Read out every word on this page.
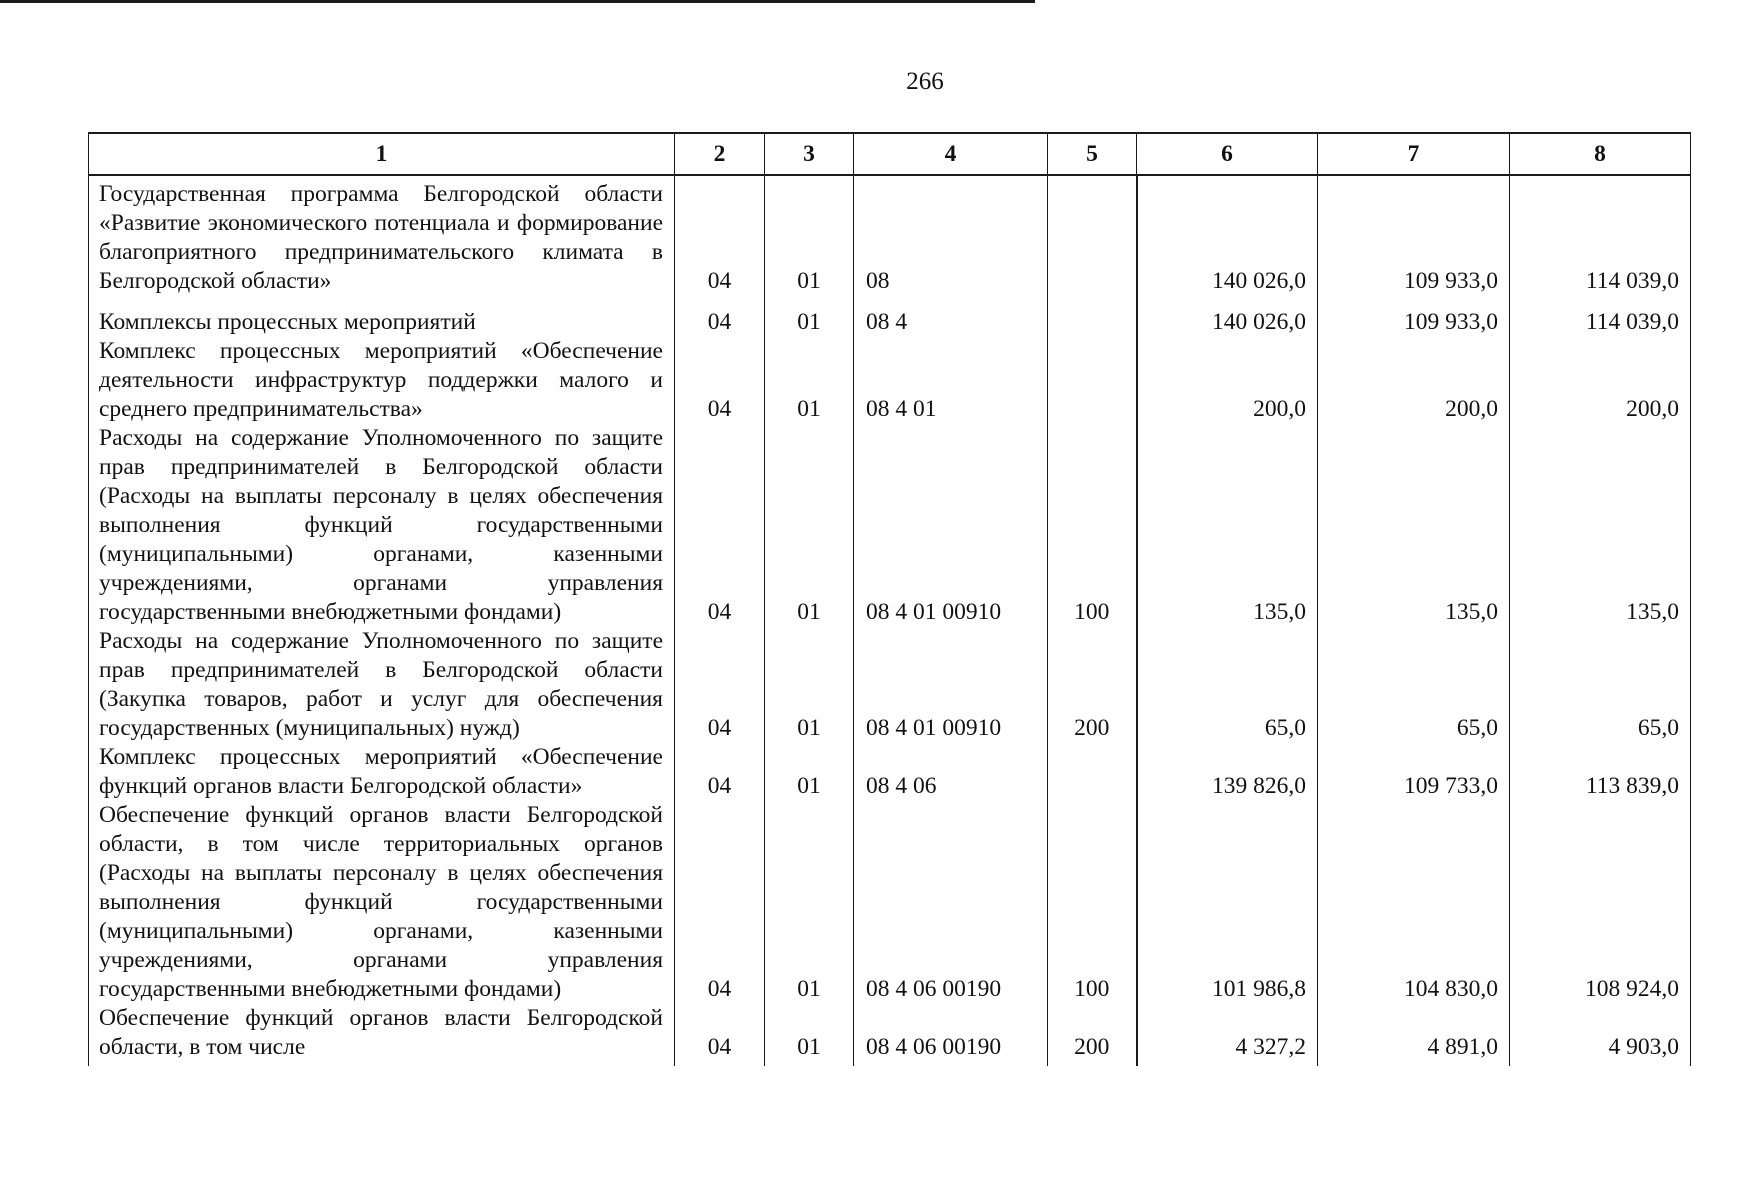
266
1	2	3	4	5	6	7	8
Государственная программа Белгородской области «Развитие экономического потенциала и формирование благоприятного предпринимательского климата в Белгородской области»	04	01	08		140 026,0	109 933,0	114 039,0
Комплексы процессных мероприятий	04	01	08 4		140 026,0	109 933,0	114 039,0
Комплекс процессных мероприятий «Обеспечение деятельности инфраструктур поддержки малого и среднего предпринимательства»	04	01	08 4 01		200,0	200,0	200,0
Расходы на содержание Уполномоченного по защите прав предпринимателей в Белгородской области (Расходы на выплаты персоналу в целях обеспечения выполнения функций государственными (муниципальными) органами, казенными учреждениями, органами управления государственными внебюджетными фондами)	04	01	08 4 01 00910	100	135,0	135,0	135,0
Расходы на содержание Уполномоченного по защите прав предпринимателей в Белгородской области (Закупка товаров, работ и услуг для обеспечения государственных (муниципальных) нужд)	04	01	08 4 01 00910	200	65,0	65,0	65,0
Комплекс процессных мероприятий «Обеспечение функций органов власти Белгородской области»	04	01	08 4 06		139 826,0	109 733,0	113 839,0
Обеспечение функций органов власти Белгородской области, в том числе территориальных органов (Расходы на выплаты персоналу в целях обеспечения выполнения функций государственными (муниципальными) органами, казенными учреждениями, органами управления государственными внебюджетными фондами)	04	01	08 4 06 00190	100	101 986,8	104 830,0	108 924,0
Обеспечение функций органов власти Белгородской области, в том числе	04	01	08 4 06 00190	200	4 327,2	4 891,0	4 903,0
